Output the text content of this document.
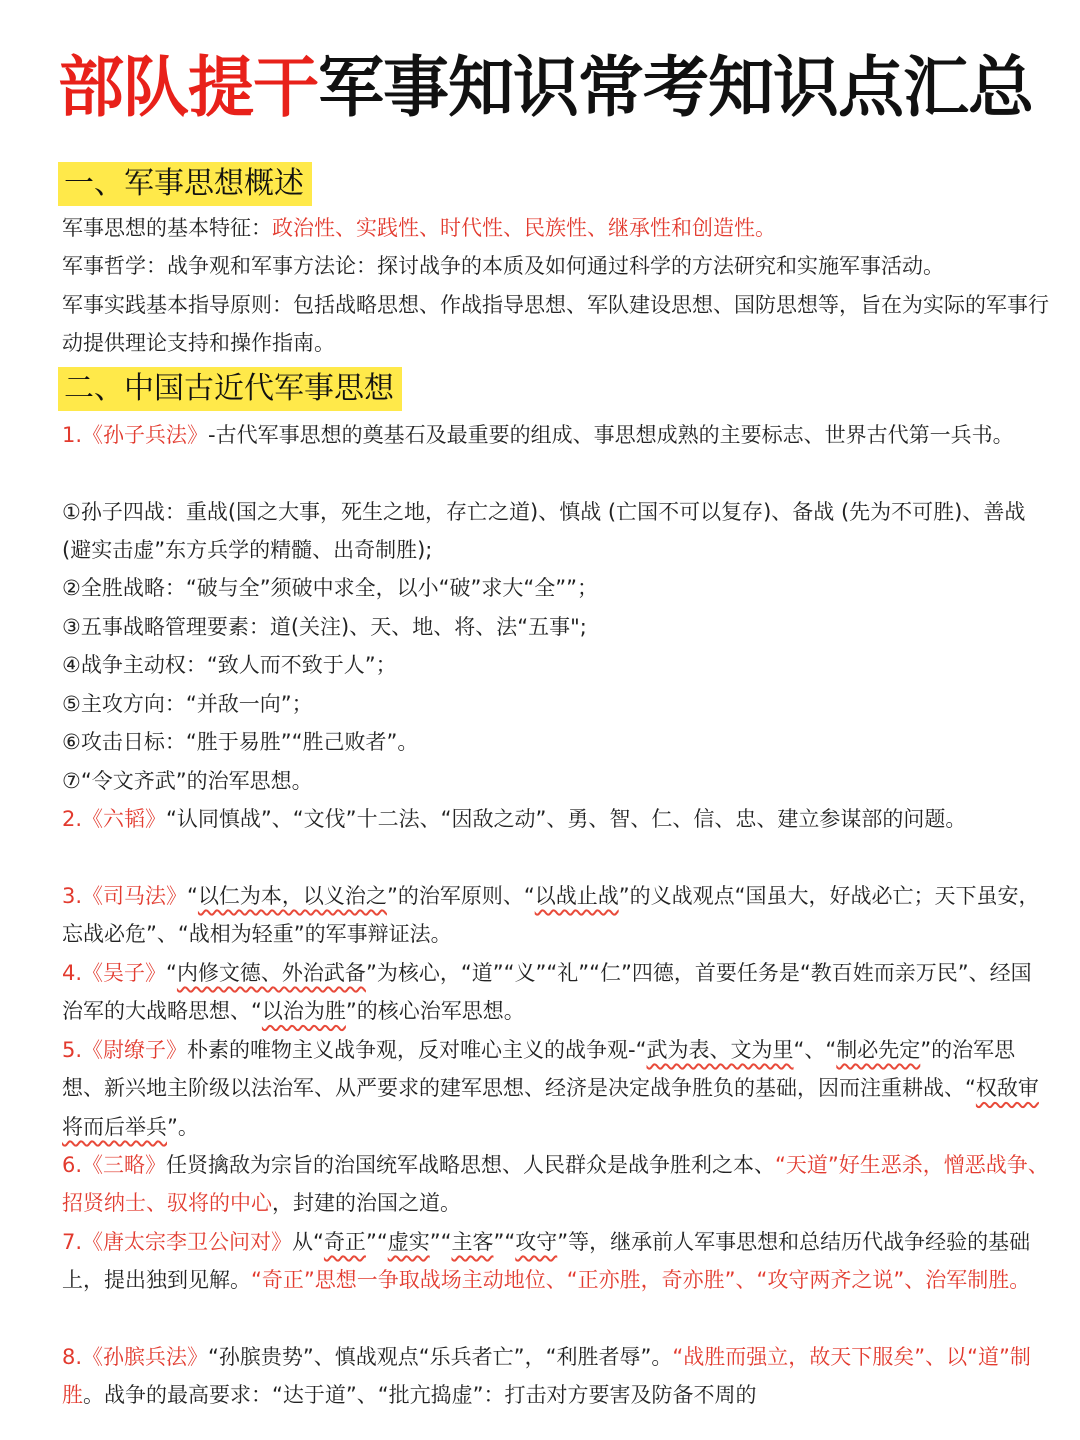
部队提干军事知识常考知识点汇总
一、军事思想概述
军事思想的基本特征：政治性、实践性、时代性、民族性、继承性和创造性。
军事哲学：战争观和军事方法论：探讨战争的本质及如何通过科学的方法研究和实施军事活动。
军事实践基本指导原则：包括战略思想、作战指导思想、军队建设思想、国防思想等，旨在为实际的军事行动提供理论支持和操作指南。
二、中国古近代军事思想
1.《孙子兵法》-古代军事思想的奠基石及最重要的组成、事思想成熟的主要标志、世界古代第一兵书。
①孙子四战：重战(国之大事，死生之地，存亡之道)、慎战 (亡国不可以复存)、备战 (先为不可胜)、善战 (避实击虚”东方兵学的精髓、出奇制胜);
②全胜战略：“破与全”须破中求全，以小“破”求大“全””；
③五事战略管理要素：道(关注)、天、地、将、法“五事";
④战争主动权：“致人而不致于人”；
⑤主攻方向：“并敌一向”；
⑥攻击日标：“胜于易胜”“胜己败者”。
⑦“令文齐武”的治军思想。
2.《六韬》“认同慎战”、“文伐”十二法、“因敌之动”、勇、智、仁、信、忠、建立参谋部的问题。
3.《司马法》“以仁为本，以义治之”的治军原则、“以战止战”的义战观点“国虽大，好战必亡；天下虽安，忘战必危”、“战相为轻重”的军事辩证法。
4.《吴子》“内修文德、外治武备”为核心，“道”“义”“礼”“仁”四德，首要任务是“教百姓而亲万民”、经国治军的大战略思想、“以治为胜”的核心治军思想。
5.《尉缭子》朴素的唯物主义战争观，反对唯心主义的战争观-“武为表、文为里“、“制必先定”的治军思想、新兴地主阶级以法治军、从严要求的建军思想、经济是决定战争胜负的基础，因而注重耕战、“权敌审将而后举兵”。
6.《三略》任贤擒敌为宗旨的治国统军战略思想、人民群众是战争胜利之本、“天道”好生恶杀，憎恶战争、招贤纳士、驭将的中心，封建的治国之道。
7.《唐太宗李卫公问对》从“奇正”“虚实”“主客”“攻守”等，继承前人军事思想和总结历代战争经验的基础上，提出独到见解。“奇正”思想一争取战场主动地位、“正亦胜，奇亦胜”、“攻守两齐之说”、治军制胜。
8.《孙膑兵法》“孙膑贵势”、慎战观点“乐兵者亡”，“利胜者辱”。“战胜而强立，故天下服矣”、以“道”制胜。战争的最高要求：“达于道”、“批亢捣虚”：打击对方要害及防备不周的
